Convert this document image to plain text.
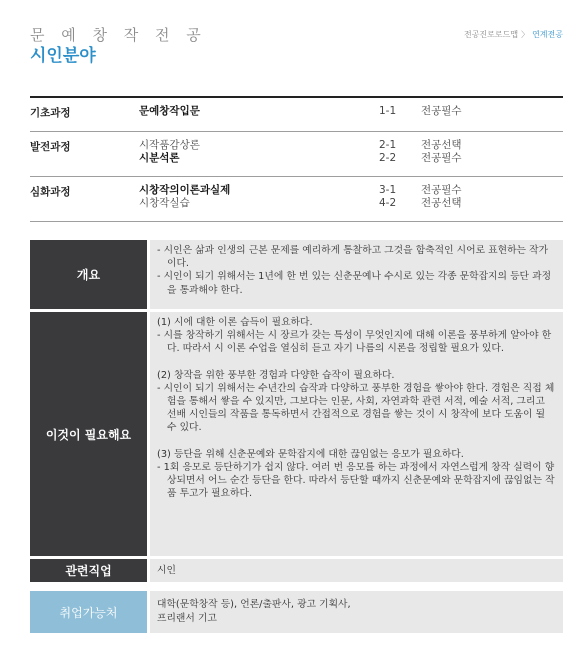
문 예 창 작 전 공
시인분야
전공진로로드맵 〉 연계전공
기초과정	문예창작입문	1-1	전공필수
발전과정	시작품감상론	2-1	전공선택
시분석론	2-2	전공필수
심화과정	시창작의이론과실제	3-1	전공필수
시창작실습	4-2	전공선택
개요

- 시인은 삶과 인생의 근본 문제를 예리하게 통찰하고 그것을 함축적인 시어로 표현하는 작가이다.

- 시인이 되기 위해서는 1년에 한 번 있는 신춘문예나 수시로 있는 각종 문학잡지의 등단 과정을 통과해야 한다.

이것이 필요해요

(1) 시에 대한 이론 습득이 필요하다.

- 시를 창작하기 위해서는 시 장르가 갖는 특성이 무엇인지에 대해 이론을 풍부하게 알아야 한다. 따라서 시 이론 수업을 열심히 듣고 자기 나름의 시론을 정립할 필요가 있다.

(2) 창작을 위한 풍부한 경험과 다양한 습작이 필요하다.

- 시인이 되기 위해서는 수년간의 습작과 다양하고 풍부한 경험을 쌓아야 한다. 경험은 직접 체험을 통해서 쌓을 수 있지만, 그보다는 인문, 사회, 자연과학 관련 서적, 예술 서적, 그리고 선배 시인들의 작품을 통독하면서 간접적으로 경험을 쌓는 것이 시 창작에 보다 도움이 될 수 있다.

(3) 등단을 위해 신춘문예와 문학잡지에 대한 끊임없는 응모가 필요하다.

- 1회 응모로 등단하기가 쉽지 않다. 여러 번 응모를 하는 과정에서 자연스럽게 창작 실력이 향상되면서 어느 순간 등단을 한다. 따라서 등단할 때까지 신춘문예와 문학잡지에 끊임없는 작품 투고가 필요하다.

관련직업	시인
취업가능처

대학(문학창작 등), 언론/출판사, 광고 기획사,

프리랜서 기고
